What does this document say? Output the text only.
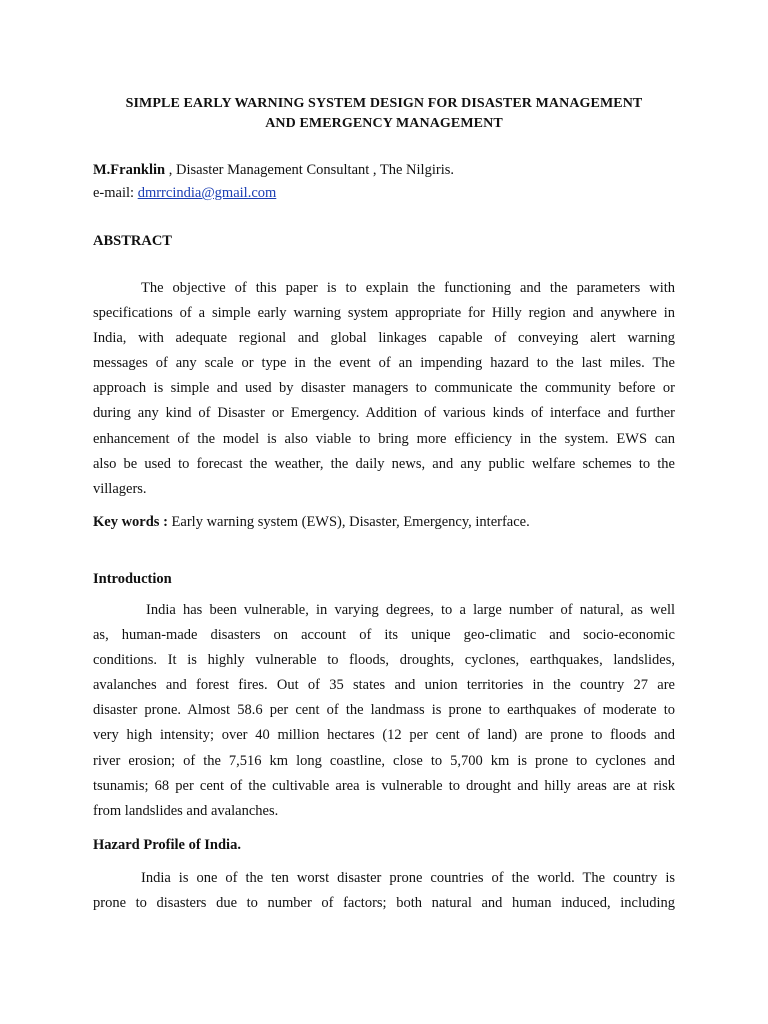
SIMPLE EARLY WARNING SYSTEM DESIGN FOR DISASTER MANAGEMENT
AND EMERGENCY MANAGEMENT
M.Franklin , Disaster Management Consultant , The Nilgiris.
e-mail: dmrrcindia@gmail.com
ABSTRACT
The objective of this paper is to explain the functioning and the parameters with
specifications of a simple early warning system appropriate for Hilly region and anywhere in
India, with adequate regional and global linkages capable of conveying alert warning
messages of any scale or type in the event of an impending hazard to the last miles. The
approach is simple and used by disaster managers to communicate the community before or
during any kind of Disaster or Emergency. Addition of various kinds of interface and further
enhancement of the model is also viable to bring more efficiency in the system. EWS can
also be used to forecast the weather, the daily news, and any public welfare schemes to the
villagers.
Key words : Early warning system (EWS), Disaster, Emergency, interface.
Introduction
India has been vulnerable, in varying degrees, to a large number of natural, as well
as, human-made disasters on account of its unique geo-climatic and socio-economic
conditions. It is highly vulnerable to floods, droughts, cyclones, earthquakes, landslides,
avalanches and forest fires. Out of 35 states and union territories in the country 27 are
disaster prone. Almost 58.6 per cent of the landmass is prone to earthquakes of moderate to
very high intensity; over 40 million hectares (12 per cent of land) are prone to floods and
river erosion; of the 7,516 km long coastline, close to 5,700 km is prone to cyclones and
tsunamis; 68 per cent of the cultivable area is vulnerable to drought and hilly areas are at risk
from landslides and avalanches.
Hazard Profile of India.
India is one of the ten worst disaster prone countries of the world. The country is
prone to disasters due to number of factors; both natural and human induced, including
